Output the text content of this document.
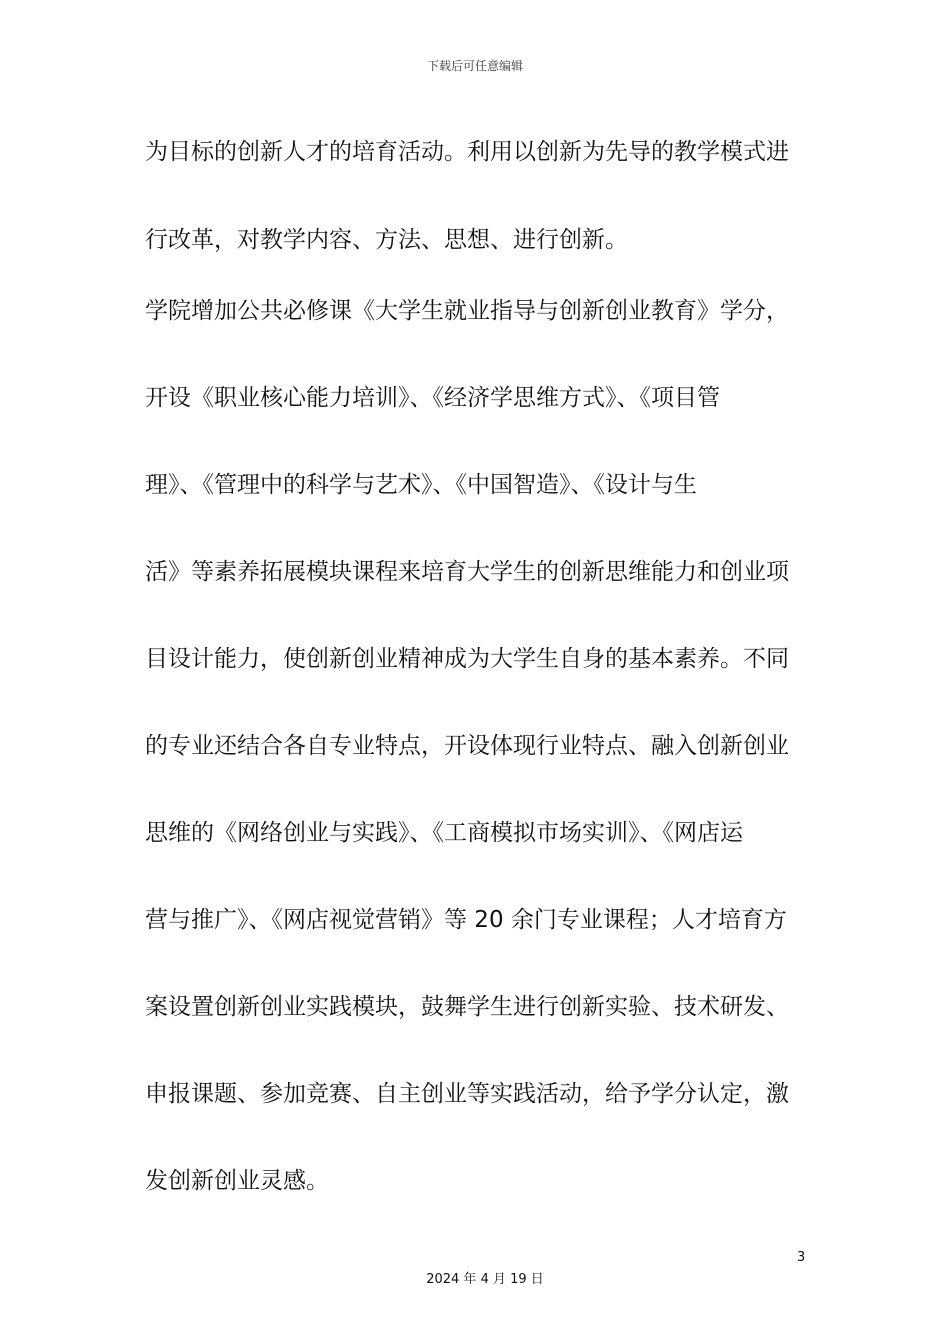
下载后可任意编辑
为目标的创新人才的培育活动。利用以创新为先导的教学模式进
行改革，对教学内容、方法、思想、进行创新。
学院增加公共必修课《大学生就业指导与创新创业教育》学分，
开设《职业核心能力培训》、《经济学思维方式》、《项目管
理》、《管理中的科学与艺术》、《中国智造》、《设计与生
活》等素养拓展模块课程来培育大学生的创新思维能力和创业项
目设计能力，使创新创业精神成为大学生自身的基本素养。不同
的专业还结合各自专业特点，开设体现行业特点、融入创新创业
思维的《网络创业与实践》、《工商模拟市场实训》、《网店运
营与推广》、《网店视觉营销》等 20 余门专业课程；人才培育方
案设置创新创业实践模块，鼓舞学生进行创新实验、技术研发、
申报课题、参加竞赛、自主创业等实践活动，给予学分认定，激
发创新创业灵感。
3
2024 年 4 月 19 日
